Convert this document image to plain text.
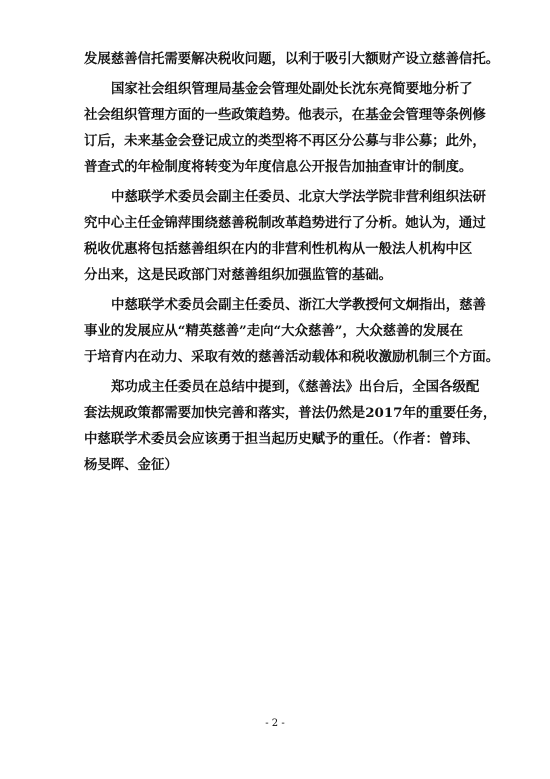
发展慈善信托需要解决税收问题，以利于吸引大额财产设立慈善信托。

国家社会组织管理局基金会管理处副处长沈东亮简要地分析了
社会组织管理方面的一些政策趋势。他表示，在基金会管理等条例修
订后，未来基金会登记成立的类型将不再区分公募与非公募；此外，
普查式的年检制度将转变为年度信息公开报告加抽查审计的制度。

中慈联学术委员会副主任委员、北京大学法学院非营利组织法研
究中心主任金锦萍围绕慈善税制改革趋势进行了分析。她认为，通过
税收优惠将包括慈善组织在内的非营利性机构从一般法人机构中区
分出来，这是民政部门对慈善组织加强监管的基础。

中慈联学术委员会副主任委员、浙江大学教授何文炯指出，慈善
事业的发展应从“精英慈善”走向“大众慈善”，大众慈善的发展在
于培育内在动力、采取有效的慈善活动载体和税收激励机制三个方面。

郑功成主任委员在总结中提到，《慈善法》出台后，全国各级配
套法规政策都需要加快完善和落实，普法仍然是2017年的重要任务，
中慈联学术委员会应该勇于担当起历史赋予的重任。（作者：曾玮、
杨旻晖、金征）

- 2 -
